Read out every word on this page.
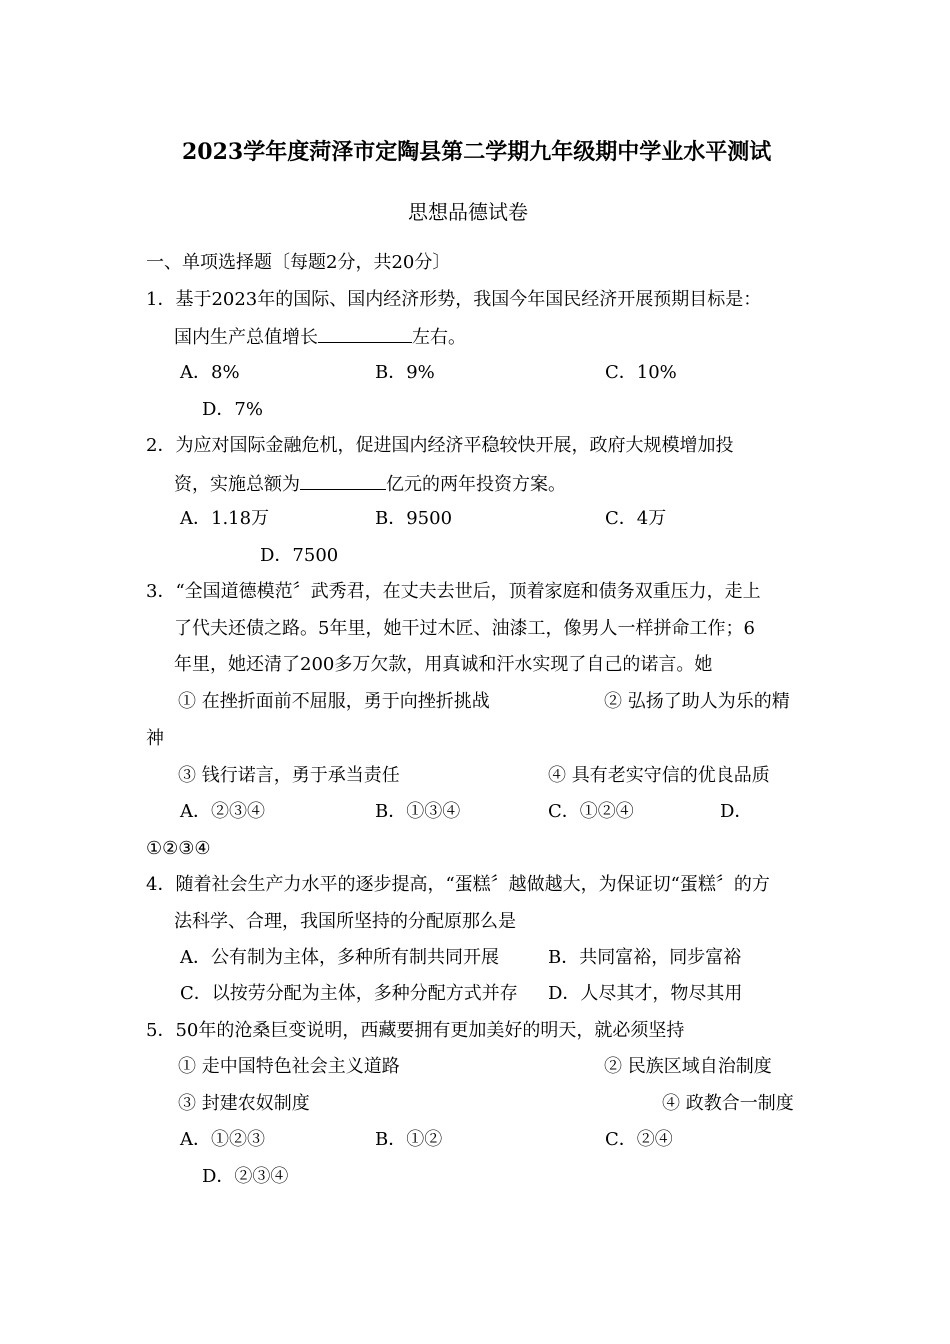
2023学年度菏泽市定陶县第二学期九年级期中学业水平测试
思想品德试卷
一、单项选择题〔每题2分，共20分〕
1．基于2023年的国际、国内经济形势，我国今年国民经济开展预期目标是：
国内生产总值增长	左右。
A．8%	B．9%	C．10%
D．7%
2．为应对国际金融危机，促进国内经济平稳较快开展，政府大规模增加投
资，实施总额为	亿元的两年投资方案。
A．1.18万	B．9500	C．4万
D．7500
3．“全国道德模范〞武秀君，在丈夫去世后，顶着家庭和债务双重压力，走上
了代夫还债之路。5年里，她干过木匠、油漆工，像男人一样拼命工作；6
年里，她还清了200多万欠款，用真诚和汗水实现了自己的诺言。她
① 在挫折面前不屈服，勇于向挫折挑战	② 弘扬了助人为乐的精
神
③ 钱行诺言，勇于承当责任	④ 具有老实守信的优良品质
A．②③④	B．①③④	C．①②④	D．
①②③④
4．随着社会生产力水平的逐步提高，“蛋糕〞越做越大，为保证切“蛋糕〞的方
法科学、合理，我国所坚持的分配原那么是
A．公有制为主体，多种所有制共同开展	B．共同富裕，同步富裕
C．以按劳分配为主体，多种分配方式并存 D．人尽其才，物尽其用
5．50年的沧桑巨变说明，西藏要拥有更加美好的明天，就必须坚持
① 走中国特色社会主义道路	② 民族区域自治制度
③ 封建农奴制度	④ 政教合一制度
A．①②③	B．①②	C．②④
D．②③④
